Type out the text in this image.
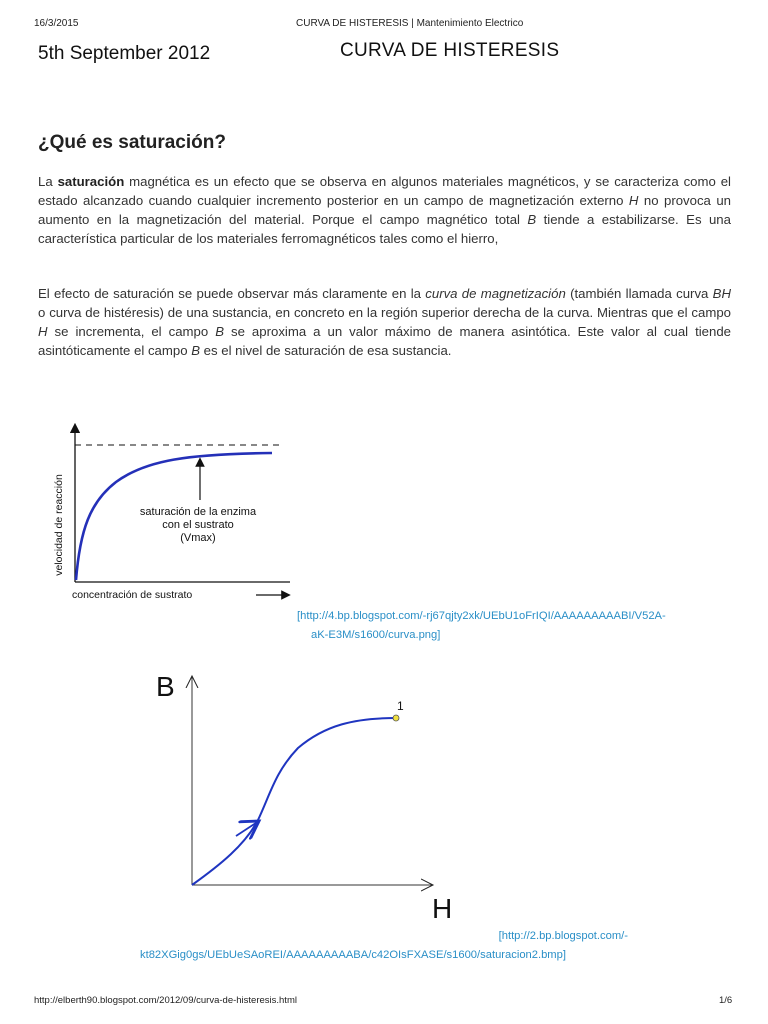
16/3/2015	CURVA DE HISTERESIS | Mantenimiento Electrico
5th September 2012	CURVA DE HISTERESIS
¿Qué es saturación?
La saturación magnética es un efecto que se observa en algunos materiales magnéticos, y se caracteriza como el estado alcanzado cuando cualquier incremento posterior en un campo de magnetización externo H no provoca un aumento en la magnetización del material. Porque el campo magnético total B tiende a estabilizarse. Es una característica particular de los materiales ferromagnéticos tales como el hierro,
El efecto de saturación se puede observar más claramente en la curva de magnetización (también llamada curva BH o curva de histéresis) de una sustancia, en concreto en la región superior derecha de la curva. Mientras que el campo H se incrementa, el campo B se aproxima a un valor máximo de manera asintótica. Este valor al cual tiende asintóticamente el campo B es el nivel de saturación de esa sustancia.
saturación de la enzima
con el sustrato
(Vmax)
velocidad de reacción
concentración de sustrato
[http://4.bp.blogspot.com/-rj67qjty2xk/UEbU1oFrIQI/AAAAAAAAABI/V52A-
aK-E3M/s1600/curva.png]
B
H
1
[http://2.bp.blogspot.com/-
kt82XGig0gs/UEbUeSAoREI/AAAAAAAAABA/c42OIsFXASE/s1600/saturacion2.bmp]
http://elberth90.blogspot.com/2012/09/curva-de-histeresis.html	1/6
